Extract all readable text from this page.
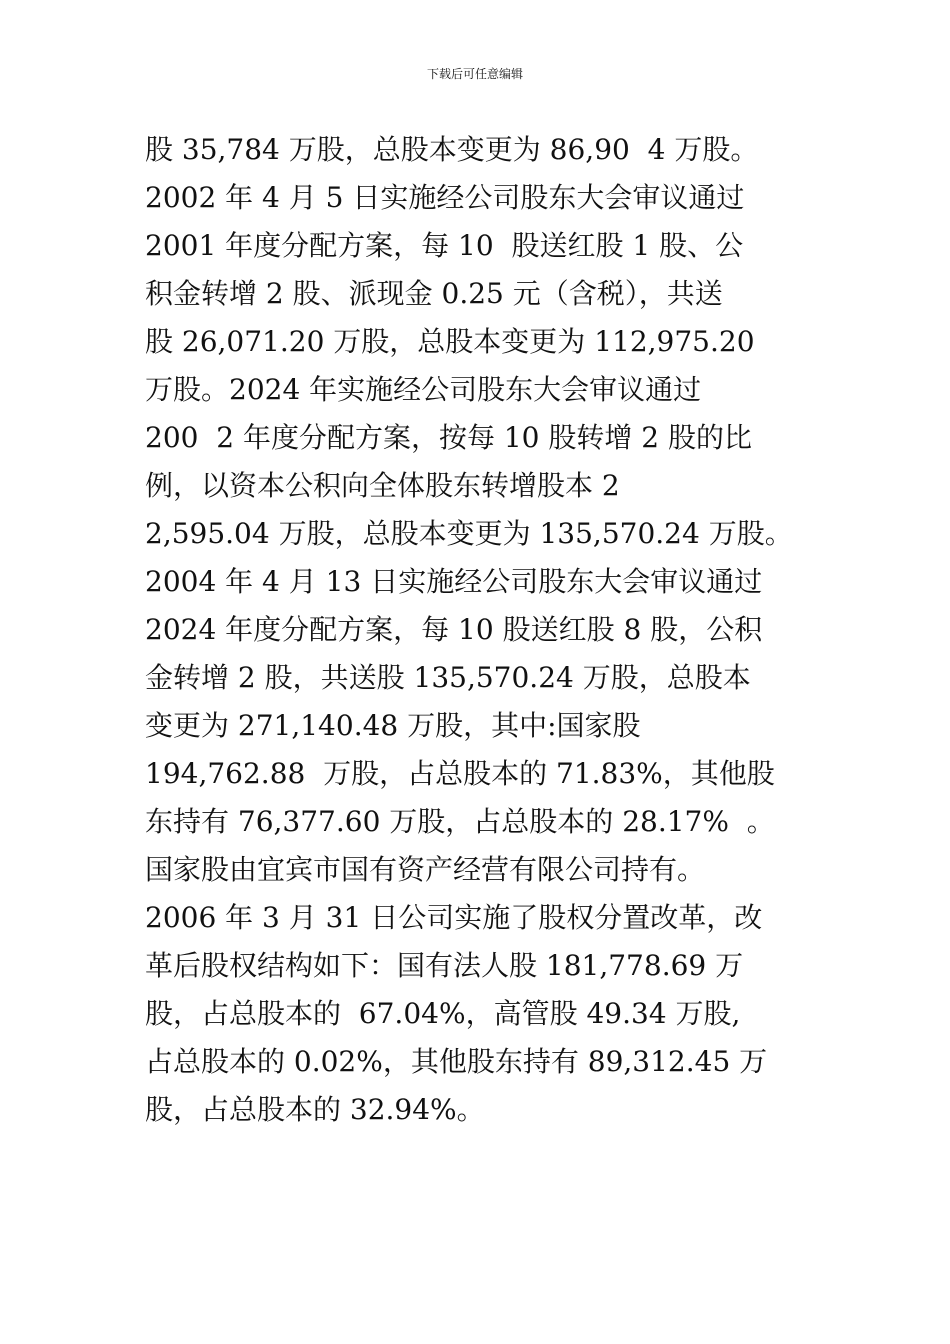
下载后可任意编辑
股 35,784 万股，总股本变更为 86,90  4 万股。
2002 年 4 月 5 日实施经公司股东大会审议通过
2001 年度分配方案，每 10  股送红股 1 股、公
积金转增 2 股、派现金 0.25 元（含税），共送
股 26,071.20 万股，总股本变更为 112,975.20
万股。2024 年实施经公司股东大会审议通过
200  2 年度分配方案，按每 10 股转增 2 股的比
例，以资本公积向全体股东转增股本 2
2,595.04 万股，总股本变更为 135,570.24 万股。
2004 年 4 月 13 日实施经公司股东大会审议通过
2024 年度分配方案，每 10 股送红股 8 股，公积
金转增 2 股，共送股 135,570.24 万股，总股本
变更为 271,140.48 万股，其中:国家股
194,762.88  万股，占总股本的 71.83%，其他股
东持有 76,377.60 万股，占总股本的 28.17%  。
国家股由宜宾市国有资产经营有限公司持有。
2006 年 3 月 31 日公司实施了股权分置改革，改
革后股权结构如下：国有法人股 181,778.69 万
股，占总股本的  67.04%，高管股 49.34 万股,
占总股本的 0.02%，其他股东持有 89,312.45 万
股，占总股本的 32.94%。
